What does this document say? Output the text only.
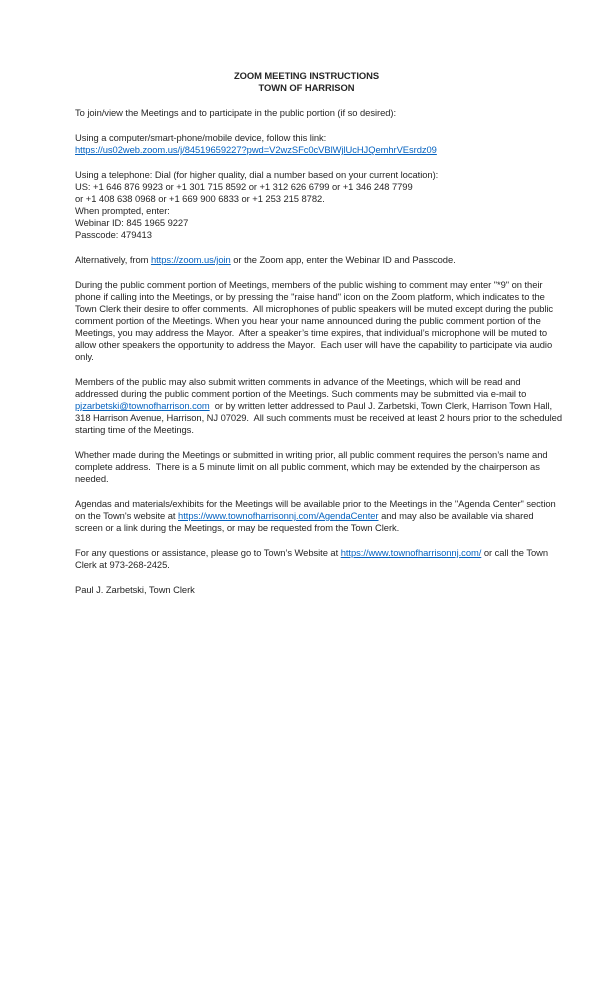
ZOOM MEETING INSTRUCTIONS
TOWN OF HARRISON
To join/view the Meetings and to participate in the public portion (if so desired):
Using a computer/smart-phone/mobile device, follow this link:
https://us02web.zoom.us/j/84519659227?pwd=V2wzSFc0cVBlWjlUcHJQemhrVEsrdz09
Using a telephone: Dial (for higher quality, dial a number based on your current location):
US: +1 646 876 9923 or +1 301 715 8592 or +1 312 626 6799 or +1 346 248 7799
or +1 408 638 0968 or +1 669 900 6833 or +1 253 215 8782.
When prompted, enter:
Webinar ID: 845 1965 9227
Passcode: 479413
Alternatively, from https://zoom.us/join or the Zoom app, enter the Webinar ID and Passcode.
During the public comment portion of Meetings, members of the public wishing to comment may enter "*9" on their
phone if calling into the Meetings, or by pressing the "raise hand" icon on the Zoom platform, which indicates to the
Town Clerk their desire to offer comments.  All microphones of public speakers will be muted except during the public
comment portion of the Meetings. When you hear your name announced during the public comment portion of the
Meetings, you may address the Mayor.  After a speaker’s time expires, that individual’s microphone will be muted to
allow other speakers the opportunity to address the Mayor.  Each user will have the capability to participate via audio
only.
Members of the public may also submit written comments in advance of the Meetings, which will be read and
addressed during the public comment portion of the Meetings. Such comments may be submitted via e-mail to
pjzarbetski@townofharrison.com  or by written letter addressed to Paul J. Zarbetski, Town Clerk, Harrison Town Hall,
318 Harrison Avenue, Harrison, NJ 07029.  All such comments must be received at least 2 hours prior to the scheduled
starting time of the Meetings.
Whether made during the Meetings or submitted in writing prior, all public comment requires the person’s name and
complete address.  There is a 5 minute limit on all public comment, which may be extended by the chairperson as
needed.
Agendas and materials/exhibits for the Meetings will be available prior to the Meetings in the "Agenda Center" section
on the Town's website at https://www.townofharrisonnj.com/AgendaCenter and may also be available via shared
screen or a link during the Meetings, or may be requested from the Town Clerk.
For any questions or assistance, please go to Town’s Website at https://www.townofharrisonnj.com/ or call the Town
Clerk at 973-268-2425.
Paul J. Zarbetski, Town Clerk
